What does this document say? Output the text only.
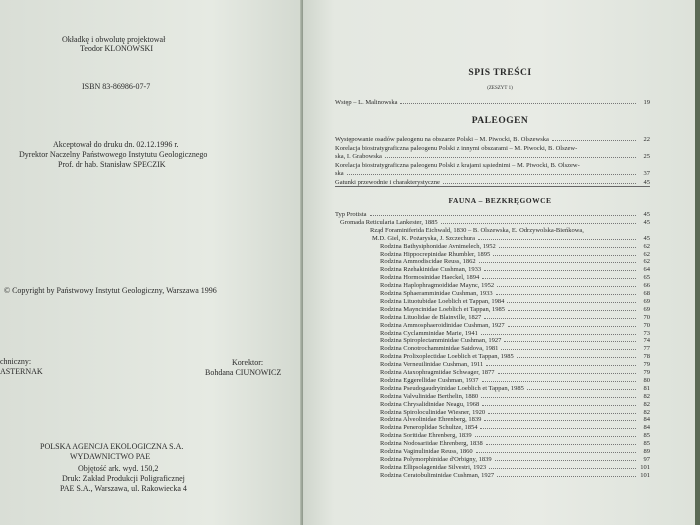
Okładkę i obwolutę projektował
Teodor KLONOWSKI
ISBN 83-86986-07-7
Akceptował do druku dn. 02.12.1996 r.
Dyrektor Naczelny Państwowego Instytutu Geologicznego
Prof. dr hab. Stanisław SPECZIK
© Copyright by Państwowy Instytut Geologiczny, Warszawa 1996
chniczny:
ASTERNAK
Korektor:
Bohdana CIUNOWICZ
POLSKA AGENCJA EKOLOGICZNA S.A.
WYDAWNICTWO PAE
Objętość ark. wyd. 150,2
Druk: Zakład Produkcji Poligraficznej
PAE S.A., Warszawa, ul. Rakowiecka 4
SPIS TREŚCI
(ZESZYT 1)
Wstęp – L. Malinowska	19
PALEOGEN
Występowanie osadów paleogenu na obszarze Polski – M. Piwocki, B. Olszewska	22
Korelacja biostratygraficzna paleogenu Polski z innymi obszarami – M. Piwocki, B. Olszew-
ska, I. Grabowska	25
Korelacja biostratygraficzna paleogenu Polski z krajami sąsiednimi – M. Piwocki, B. Olszew-
ska	37
Gatunki przewodnie i charakterystyczne	45
FAUNA – BEZKRĘGOWCE
Typ Protista	45
Gromada Reticularia Lankester, 1885	45
Rząd Foraminiferida Eichwald, 1830 – B. Olszewska, E. Odrzywolska-Bieńkowa,
M.D. Giel, K. Pożaryska, J. Szczechura	45
Rodzina Bathysiphonidae Avnimelech, 1952	62
Rodzina Hippocrepinidae Rhumbler, 1895	62
Rodzina Ammodiscidae Reuss, 1862	62
Rodzina Rzehakinidae Cushman, 1933	64
Rodzina Hormosinidae Haeckel, 1894	65
Rodzina Haplophragmoididae Maync, 1952	66
Rodzina Sphaeramminidae Cushman, 1933	68
Rodzina Lituotubidae Loeblich et Tappan, 1984	69
Rodzina Mayncinidae Loeblich et Tappan, 1985	69
Rodzina Lituolidae de Blainville, 1827	70
Rodzina Ammosphaeroidinidae Cushman, 1927	70
Rodzina Cyclamminidae Marie, 1941	73
Rodzina Spiroplectamminidae Cushman, 1927	74
Rodzina Conotrochamminidae Saidova, 1981	77
Rodzina Prolixoplectidae Loeblich et Tappan, 1985	78
Rodzina Verneuilinidae Cushman, 1911	79
Rodzina Ataxophragmiidae Schwager, 1877	79
Rodzina Eggerellidae Cushman, 1937	80
Rodzina Pseudogaudryinidae Loeblich et Tappan, 1985	81
Rodzina Valvulinidae Berthelin, 1880	82
Rodzina Chrysalidinidae Neagu, 1968	82
Rodzina Spiroloculinidae Wiesner, 1920	82
Rodzina Alveolinidae Ehrenberg, 1839	84
Rodzina Peneroplidae Schultze, 1854	84
Rodzina Soritidae Ehrenberg, 1839	85
Rodzina Nodosariidae Ehrenberg, 1838	85
Rodzina Vaginulinidae Reuss, 1860	89
Rodzina Polymorphinidae d'Orbigny, 1839	97
Rodzina Ellipsolagenidae Silvestri, 1923	101
Rodzina Ceratobuliminidae Cushman, 1927	101
